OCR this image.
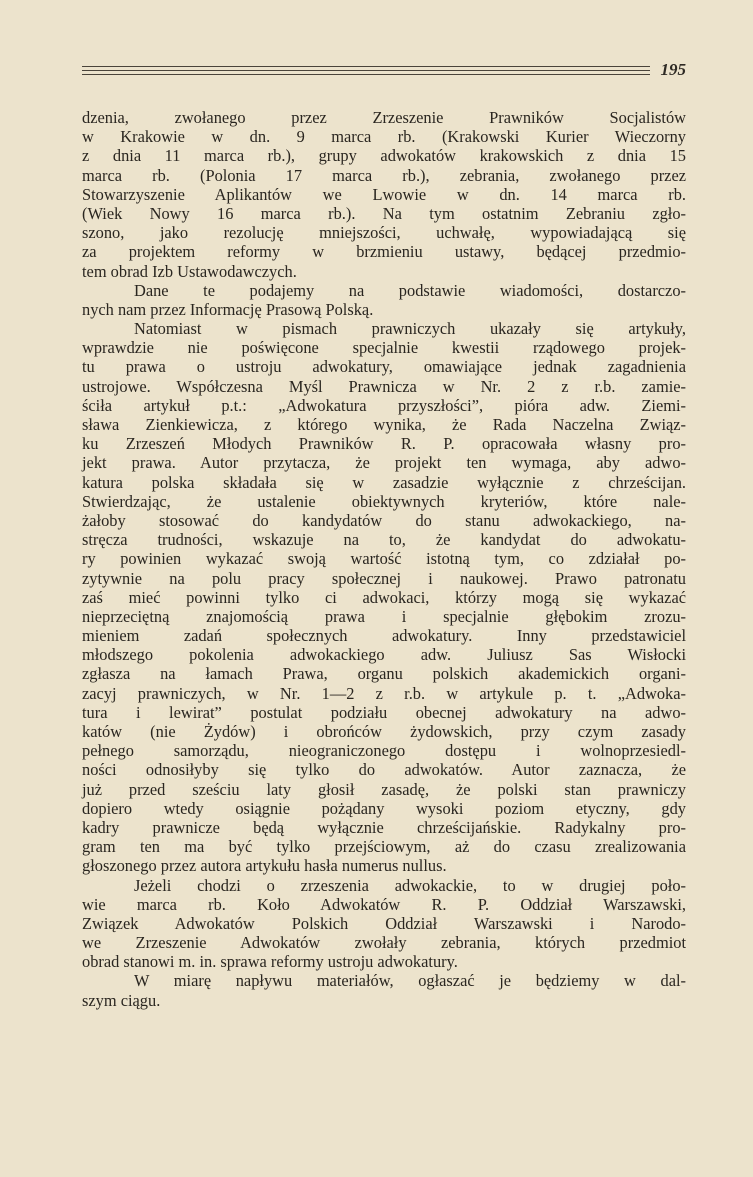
195
dzenia, zwołanego przez Zrzeszenie Prawników Socjalistów
w Krakowie w dn. 9 marca rb. (Krakowski Kurier Wieczorny
z dnia 11 marca rb.), grupy adwokatów krakowskich z dnia 15
marca rb. (Polonia 17 marca rb.), zebrania, zwołanego przez
Stowarzyszenie Aplikantów we Lwowie w dn. 14 marca rb.
(Wiek Nowy 16 marca rb.). Na tym ostatnim Zebraniu zgło-
szono, jako rezolucję mniejszości, uchwałę, wypowiadającą się
za projektem reformy w brzmieniu ustawy, będącej przedmio-
tem obrad Izb Ustawodawczych.
Dane te podajemy na podstawie wiadomości, dostarczo-
nych nam przez Informację Prasową Polską.
Natomiast w pismach prawniczych ukazały się artykuły,
wprawdzie nie poświęcone specjalnie kwestii rządowego projek-
tu prawa o ustroju adwokatury, omawiające jednak zagadnienia
ustrojowe. Współczesna Myśl Prawnicza w Nr. 2 z r.b. zamie-
ściła artykuł p.t.: „Adwokatura przyszłości”, pióra adw. Ziemi-
sława Zienkiewicza, z którego wynika, że Rada Naczelna Związ-
ku Zrzeszeń Młodych Prawników R. P. opracowała własny pro-
jekt prawa. Autor przytacza, że projekt ten wymaga, aby adwo-
katura polska składała się w zasadzie wyłącznie z chrześcijan.
Stwierdzając, że ustalenie obiektywnych kryteriów, które nale-
żałoby stosować do kandydatów do stanu adwokackiego, na-
stręcza trudności, wskazuje na to, że kandydat do adwokatu-
ry powinien wykazać swoją wartość istotną tym, co zdziałał po-
zytywnie na polu pracy społecznej i naukowej. Prawo patronatu
zaś mieć powinni tylko ci adwokaci, którzy mogą się wykazać
nieprzeciętną znajomością prawa i specjalnie głębokim zrozu-
mieniem zadań społecznych adwokatury. Inny przedstawiciel
młodszego pokolenia adwokackiego adw. Juliusz Sas Wisłocki
zgłasza na łamach Prawa, organu polskich akademickich organi-
zacyj prawniczych, w Nr. 1—2 z r.b. w artykule p. t. „Adwoka-
tura i lewirat” postulat podziału obecnej adwokatury na adwo-
katów (nie Żydów) i obrońców żydowskich, przy czym zasady
pełnego samorządu, nieograniczonego dostępu i wolnoprzesiedl-
ności odnosiłyby się tylko do adwokatów. Autor zaznacza, że
już przed sześciu laty głosił zasadę, że polski stan prawniczy
dopiero wtedy osiągnie pożądany wysoki poziom etyczny, gdy
kadry prawnicze będą wyłącznie chrześcijańskie. Radykalny pro-
gram ten ma być tylko przejściowym, aż do czasu zrealizowania
głoszonego przez autora artykułu hasła numerus nullus.
Jeżeli chodzi o zrzeszenia adwokackie, to w drugiej poło-
wie marca rb. Koło Adwokatów R. P. Oddział Warszawski,
Związek Adwokatów Polskich Oddział Warszawski i Narodo-
we Zrzeszenie Adwokatów zwołały zebrania, których przedmiot
obrad stanowi m. in. sprawa reformy ustroju adwokatury.
W miarę napływu materiałów, ogłaszać je będziemy w dal-
szym ciągu.
